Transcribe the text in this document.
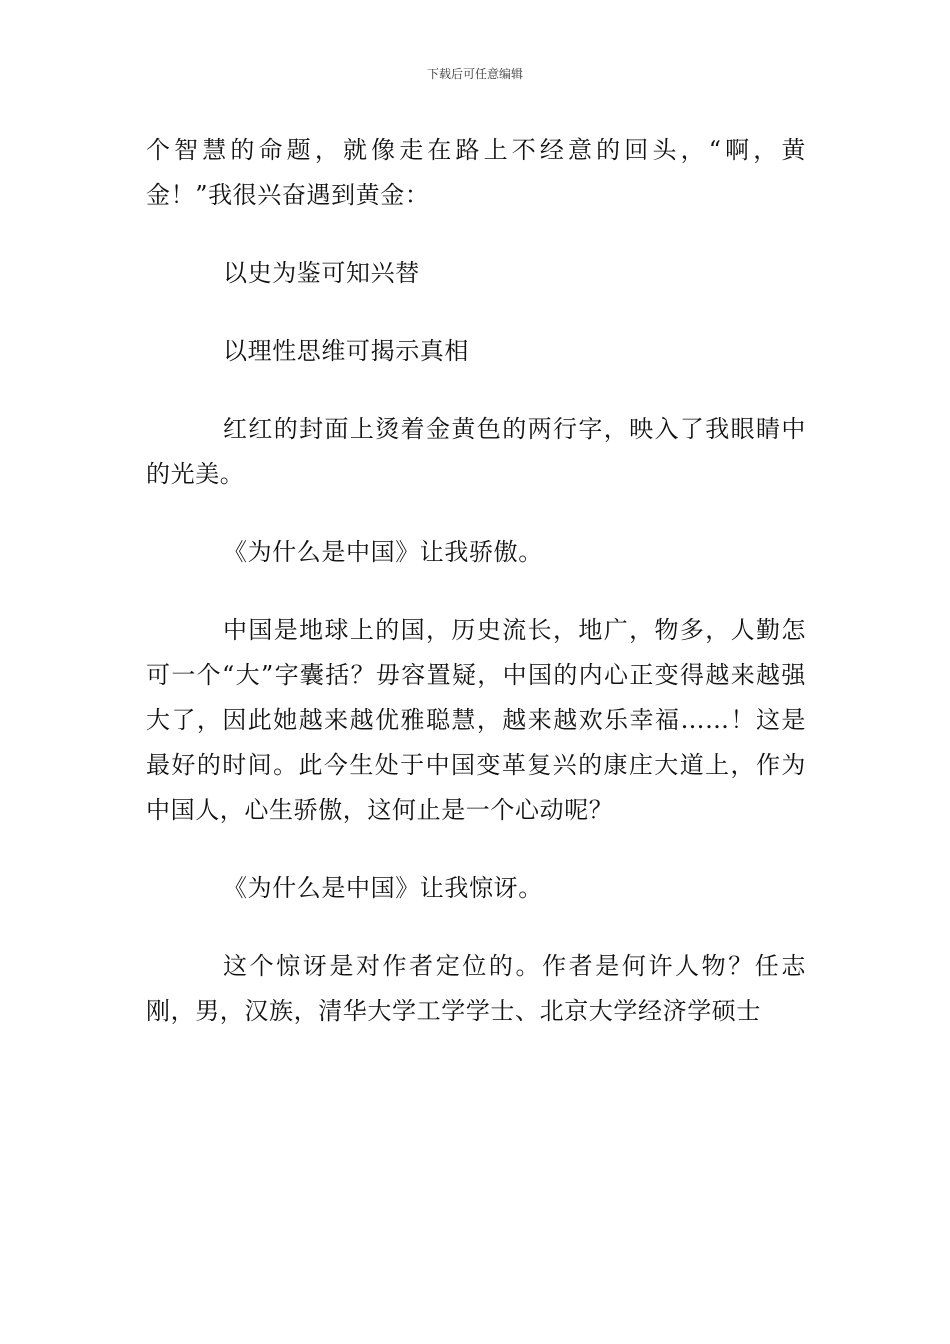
下载后可任意编辑

个智慧的命题，就像走在路上不经意的回头，“啊，黄金！”我很兴奋遇到黄金：

以史为鉴可知兴替

以理性思维可揭示真相

红红的封面上烫着金黄色的两行字，映入了我眼睛中的光美。

《为什么是中国》让我骄傲。

中国是地球上的国，历史流长，地广，物多，人勤怎可一个“大”字囊括？毋容置疑，中国的内心正变得越来越强大了，因此她越来越优雅聪慧，越来越欢乐幸福……！这是最好的时间。此今生处于中国变革复兴的康庄大道上，作为中国人，心生骄傲，这何止是一个心动呢？

《为什么是中国》让我惊讶。

这个惊讶是对作者定位的。作者是何许人物？任志刚，男，汉族，清华大学工学学士、北京大学经济学硕士
